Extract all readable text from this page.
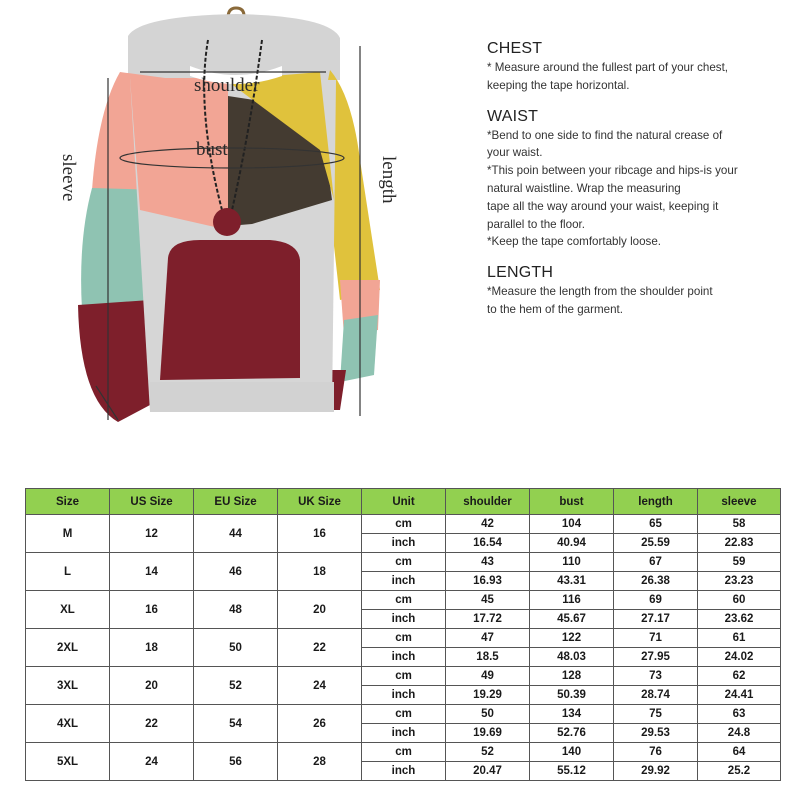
shoulder
bust
sleeve	length
CHEST
* Measure around the fullest part of your chest,
keeping the tape horizontal.
WAIST
*Bend to one side to find the natural crease of
your waist.
*This poin between your ribcage and hips-is your
natural waistline. Wrap the measuring
tape all the way around your waist, keeping it
parallel to the floor.
*Keep the tape comfortably loose.
LENGTH
*Measure the length from the shoulder point
to the hem of the garment.
Size	US Size	EU Size	UK Size	Unit	shoulder	bust	length	sleeve
M	12	44	16	cm	42	104	65	58
				inch	16.54	40.94	25.59	22.83
L	14	46	18	cm	43	110	67	59
				inch	16.93	43.31	26.38	23.23
XL	16	48	20	cm	45	116	69	60
				inch	17.72	45.67	27.17	23.62
2XL	18	50	22	cm	47	122	71	61
				inch	18.5	48.03	27.95	24.02
3XL	20	52	24	cm	49	128	73	62
				inch	19.29	50.39	28.74	24.41
4XL	22	54	26	cm	50	134	75	63
				inch	19.69	52.76	29.53	24.8
5XL	24	56	28	cm	52	140	76	64
				inch	20.47	55.12	29.92	25.2
